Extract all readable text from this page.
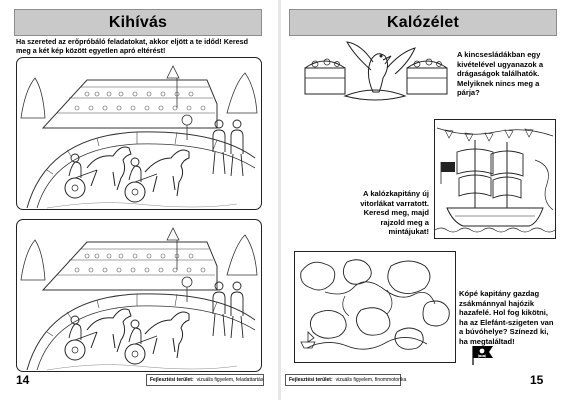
Kihívás
Ha szereted az erőpróbáló feladatokat, akkor eljött a te időd! Keresd meg a két kép között egyetlen apró eltérést!
14	Fejlesztési terület: vizuális figyelem, feladattartás
Kalózélet
A kincsesládákban egy kivételével ugyanazok a drágaságok találhatók. Melyiknek nincs meg a párja?
A kalózkapitány új vitorlákat varratott. Keresd meg, majd rajzold meg a mintájukat!
Kópé kapitány gazdag zsákmánnyal hajózik hazafelé. Hol fog kikötni, ha az Elefánt-szigeten van a búvóhelye? Színezd ki, ha megtaláltad!
Fejlesztési terület: vizuális figyelem, finommotorika	15
